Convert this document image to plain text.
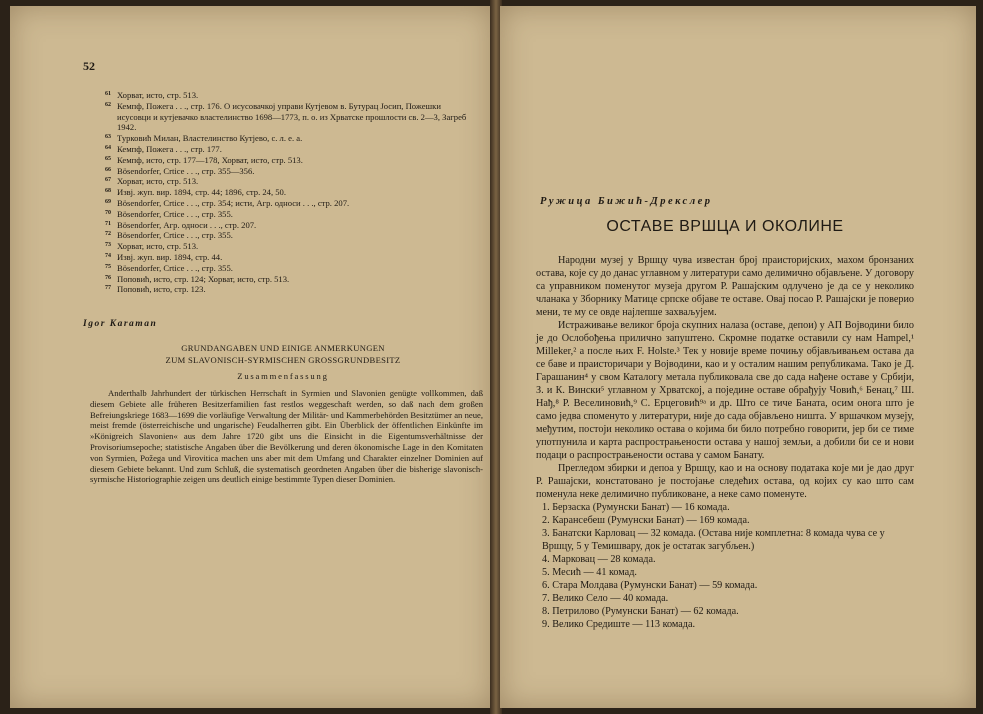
52
61 Хорват, исто, стр. 513.
62 Кемпф, Пожега . . ., стр. 176. О исусовачкој управи Кутјевом в. Бутурац Јосип, Пожешки исусовци и кутјевачко властелинство 1698—1773, п. о. из Хрватске прошлости св. 2—3, Загреб 1942.
63 Турковић Милан, Властелинство Кутјево, с. л. е. а.
64 Кемпф, Пожега . . ., стр. 177.
65 Кемпф, исто, стр. 177—178, Хорват, исто, стр. 513.
66 Bösendorfer, Crtice . . ., стр. 355—356.
67 Хорват, исто, стр. 513.
68 Извј. жуп. вир. 1894, стр. 44; 1896, стр. 24, 50.
69 Bösendorfer, Crtice . . ., стр. 354; исти, Агр. односи . . ., стр. 207.
70 Bösendorfer, Crtice . . ., стр. 355.
71 Bösendorfer, Агр. односи . . ., стр. 207.
72 Bösendorfer, Crtice . . ., стр. 355.
73 Хорват, исто, стр. 513.
74 Извј. жуп. вир. 1894, стр. 44.
75 Bösendorfer, Crtice . . ., стр. 355.
76 Поповић, исто, стр. 124; Хорват, исто, стр. 513.
77 Поповић, исто, стр. 123.
Igor Karaman
GRUNDANGABEN UND EINIGE ANMERKUNGEN
ZUM SLAVONISCH-SYRMISCHEN GROSSGRUNDBESITZ
Zusammenfassung

Anderthalb Jahrhundert der türkischen Herrschaft in Syrmien und Slavonien genügte vollkommen, daß diesem Gebiete alle früheren Besitzerfamilien fast restlos weggeschaft werden, so daß nach dem großen Befreiungskriege 1683—1699 die vorläufige Verwaltung der Militär- und Kammerbehörden Besitztümer an neue, meist fremde (österreichische und ungarische) Feudalherren gibt. Ein Überblick der öffentlichen Einkünfte im »Königreich Slavonien« aus dem Jahre 1720 gibt uns die Einsicht in die Eigentumsverhältnisse der Provisoriumsepoche; statistische Angaben über die Bevölkerung und deren ökonomische Lage in den Komitaten von Syrmien, Požega und Virovitica machen uns aber mit dem Umfang und Charakter einzelner Dominien auf diesem Gebiete bekannt. Und zum Schluß, die systematisch geordneten Angaben über die bisherige slavonisch-syrmische Historiographie zeigen uns deutlich einige bestimmte Typen dieser Dominien.

Ружица Бижић-Дрекслер
ОСТАВЕ ВРШЦА И ОКОЛИНЕ

Народни музеј у Вршцу чува известан број праисторијских, махом бронзаних остава, које су до данас углавном у литератури само делимично објављене. У договору са управником поменутог музеја другом Р. Рашајским одлучено је да се у неколико чланака у Зборнику Матице српске објаве те оставе. Овај посао Р. Рашајски је поверио мени, те му се овде најлепше захваљујем.

Истраживање великог броја скупних налаза (оставе, депои) у АП Војводини било је до Ослобођења прилично запуштено. Скромне податке оставили су нам Hampel,¹ Milleker,² а после њих F. Holste.³ Тек у новије време почињу објављивањем остава да се баве и праисторичари у Војводини, као и у осталим нашим републикама. Тако је Д. Гарашанин⁴ у свом Каталогу метала публиковала све до сада нађене оставе у Србији, З. и К. Вински⁵ углавном у Хрватској, а поједине оставе обрађују Човић,⁶ Бенац,⁷ Ш. Нађ,⁸ Р. Веселиновић,⁹ С. Ерцеговић⁹ᵃ и др. Што се тиче Баната, осим онога што је само једва споменуто у литератури, није до сада објављено ништа. У вршачком музеју, међутим, постоји неколико остава о којима би било потребно говорити, јер би се тиме употпунила и карта распрострањености остава у нашој земљи, а добили би се и нови подаци о распрострањености остава у самом Банату.

Прегледом збирки и депоа у Вршцу, као и на основу података које ми је дао друг Р. Рашајски, констатовано је постојање следећих остава, од којих су као што сам поменула неке делимично публиковане, а неке само поменуте.

1. Берзаска (Румунски Банат) — 16 комада.
2. Карансебеш (Румунски Банат) — 169 комада.
3. Банатски Карловац — 32 комада. (Остава није комплетна: 8 комада чува се у Вршцу, 5 у Темишвару, док је остатак загубљен.)
4. Марковац — 28 комада.
5. Месић — 41 комад.
6. Стара Молдава (Румунски Банат) — 59 комада.
7. Велико Село — 40 комада.
8. Петрилово (Румунски Банат) — 62 комада.
9. Велико Средиште — 113 комада.
